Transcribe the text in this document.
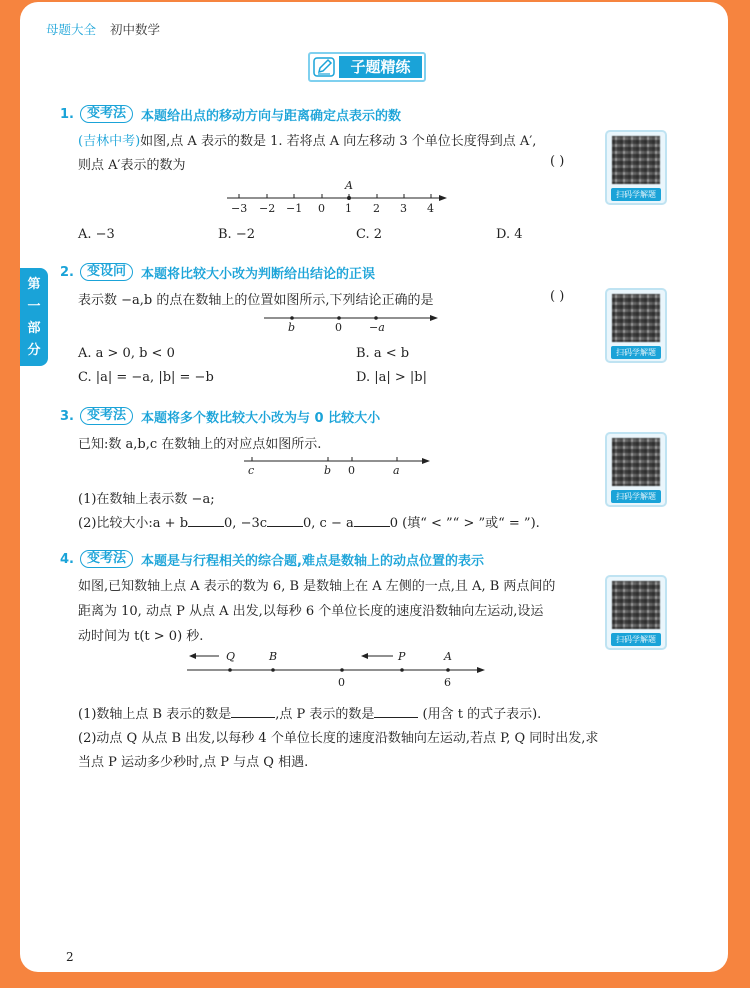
母题大全 初中数学
子题精练
第
一
部
分
1.	变考法	本题给出点的移动方向与距离确定点表示的数
(吉林中考)如图,点 A 表示的数是 1. 若将点 A 向左移动 3 个单位长度得到点 A′,
则点 A′表示的数为	( )
A
−3 −2 −1 0 1 2 3 4
A. −3	B. −2	C. 2	D. 4
扫码学解题
2.	变设问	本题将比较大小改为判断给出结论的正误
表示数 −a,b 的点在数轴上的位置如图所示,下列结论正确的是	( )
b	0 −a
A. a > 0, b < 0	B. a < b
C. |a| = −a, |b| = −b	D. |a| > |b|
扫码学解题
3.	变考法	本题将多个数比较大小改为与 0 比较大小
已知:数 a,b,c 在数轴上的对应点如图所示.
c	b 0	a
(1)在数轴上表示数 −a;
(2)比较大小:a + b	0, −3c	0, c − a	0 (填“ < ”“ > ”或“ = ”).
扫码学解题
4.	变考法	本题是与行程相关的综合题,难点是数轴上的动点位置的表示
如图,已知数轴上点 A 表示的数为 6, B 是数轴上在 A 左侧的一点,且 A, B 两点间的
距离为 10, 动点 P 从点 A 出发,以每秒 6 个单位长度的速度沿数轴向左运动,设运
动时间为 t(t > 0) 秒.
Q	B	P	A
0	6
(1)数轴上点 B 表示的数是	,点 P 表示的数是	(用含 t 的式子表示).
(2)动点 Q 从点 B 出发,以每秒 4 个单位长度的速度沿数轴向左运动,若点 P, Q 同时出发,求
当点 P 运动多少秒时,点 P 与点 Q 相遇.
扫码学解题
2
